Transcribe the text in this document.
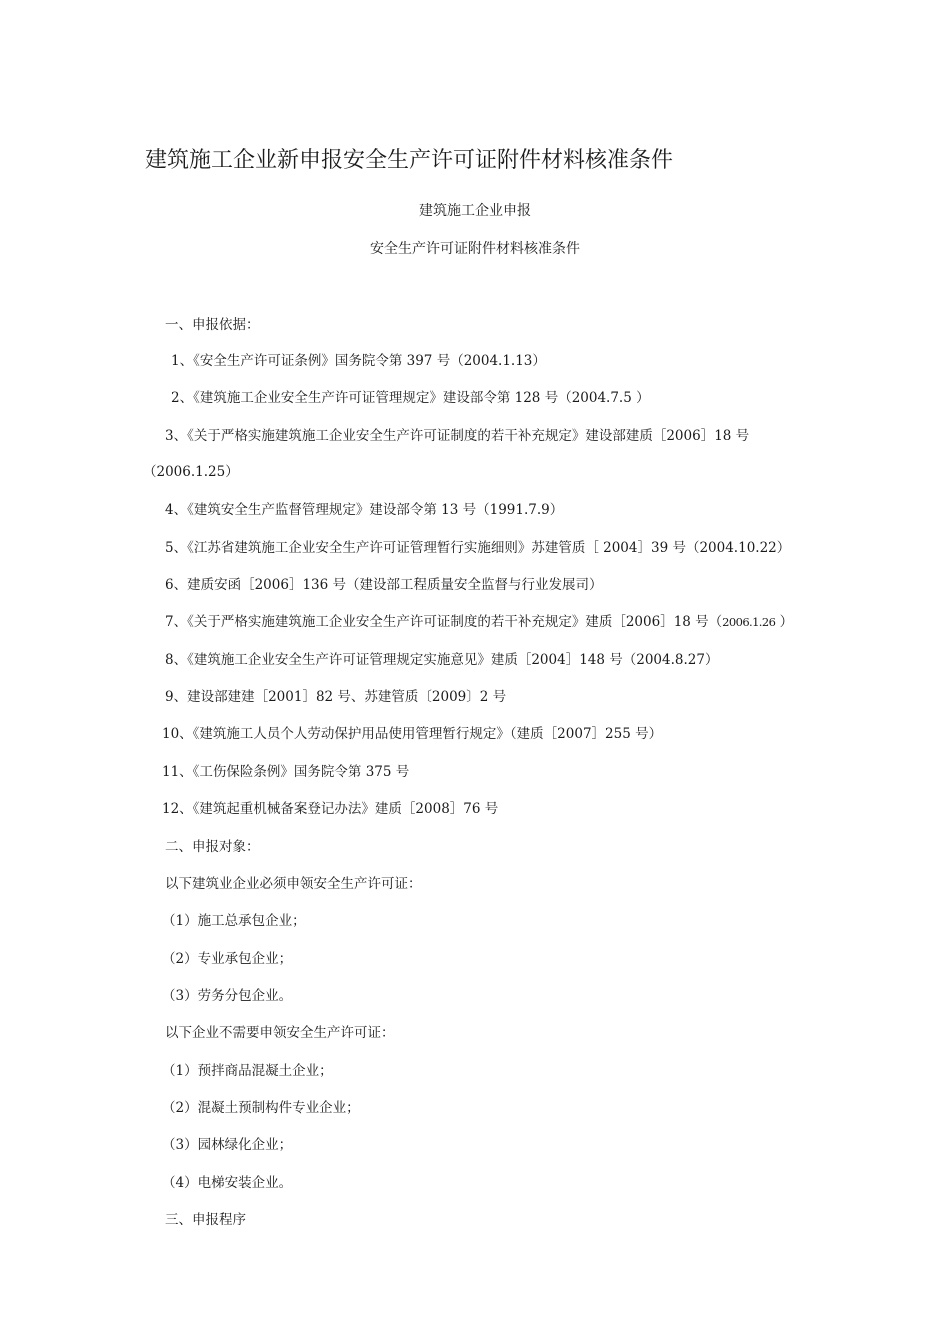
建筑施工企业新申报安全生产许可证附件材料核准条件
建筑施工企业申报
安全生产许可证附件材料核准条件
一、申报依据：
1、《安全生产许可证条例》国务院令第 397 号（2004.1.13）
2、《建筑施工企业安全生产许可证管理规定》建设部令第 128 号（2004.7.5 ）
3、《关于严格实施建筑施工企业安全生产许可证制度的若干补充规定》建设部建质［2006］18 号
（2006.1.25）
4、《建筑安全生产监督管理规定》建设部令第 13 号（1991.7.9）
5、《江苏省建筑施工企业安全生产许可证管理暂行实施细则》苏建管质［ 2004］39 号（2004.10.22）
6、建质安函［2006］136 号（建设部工程质量安全监督与行业发展司）
7、《关于严格实施建筑施工企业安全生产许可证制度的若干补充规定》建质［2006］18 号（2006.1.26 ）
8、《建筑施工企业安全生产许可证管理规定实施意见》建质［2004］148 号（2004.8.27）
9、建设部建建［2001］82 号、苏建管质〔2009〕2 号
10、《建筑施工人员个人劳动保护用品使用管理暂行规定》（建质［2007］255 号）
11、《工伤保险条例》国务院令第 375 号
12、《建筑起重机械备案登记办法》建质［2008］76 号
二、申报对象：
以下建筑业企业必须申领安全生产许可证：
（1）施工总承包企业；
（2）专业承包企业；
（3）劳务分包企业。
以下企业不需要申领安全生产许可证：
（1）预拌商品混凝土企业；
（2）混凝土预制构件专业企业；
（3）园林绿化企业；
（4）电梯安装企业。
三、申报程序
